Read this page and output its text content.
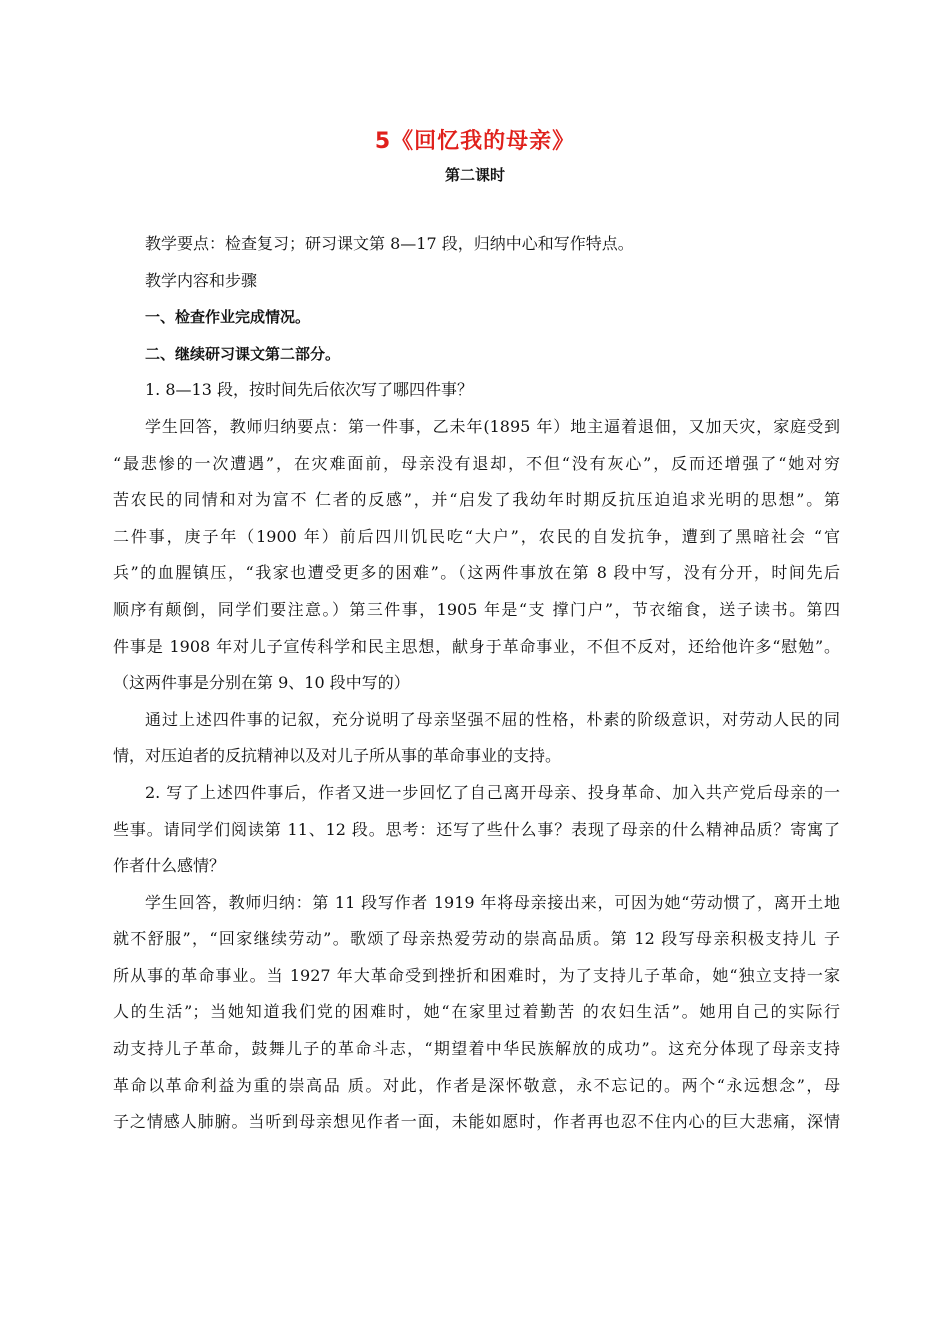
5《回忆我的母亲》
第二课时
教学要点：检查复习；研习课文第 8—17 段，归纳中心和写作特点。
教学内容和步骤
一、检查作业完成情况。
二、继续研习课文第二部分。
1. 8—13 段，按时间先后依次写了哪四件事？
学生回答，教师归纳要点：第一件事，乙未年(1895 年）地主逼着退佃，又加天灾，家庭受到
“最悲惨的一次遭遇”，在灾难面前，母亲没有退却，不但“没有灰心”，反而还增强了“她对穷
苦农民的同情和对为富不 仁者的反感”，并“启发了我幼年时期反抗压迫追求光明的思想”。第
二件事，庚子年（1900 年）前后四川饥民吃“大户”，农民的自发抗争，遭到了黑暗社会 “官
兵”的血腥镇压，“我家也遭受更多的困难”。（这两件事放在第 8 段中写，没有分开，时间先后
顺序有颠倒，同学们要注意。）第三件事，1905 年是“支 撑门户”，节衣缩食，送子读书。第四
件事是 1908 年对儿子宣传科学和民主思想，献身于革命事业，不但不反对，还给他许多“慰勉”。
（这两件事是分别在第 9、10 段中写的）
通过上述四件事的记叙，充分说明了母亲坚强不屈的性格，朴素的阶级意识，对劳动人民的同
情，对压迫者的反抗精神以及对儿子所从事的革命事业的支持。
2. 写了上述四件事后，作者又进一步回忆了自己离开母亲、投身革命、加入共产党后母亲的一
些事。请同学们阅读第 11、12 段。思考：还写了些什么事？表现了母亲的什么精神品质？寄寓了
作者什么感情？
学生回答，教师归纳：第 11 段写作者 1919 年将母亲接出来，可因为她“劳动惯了，离开土地
就不舒服”，“回家继续劳动”。歌颂了母亲热爱劳动的崇高品质。第 12 段写母亲积极支持儿 子
所从事的革命事业。当 1927 年大革命受到挫折和困难时，为了支持儿子革命，她“独立支持一家
人的生活”；当她知道我们党的困难时，她“在家里过着勤苦 的农妇生活”。她用自己的实际行
动支持儿子革命，鼓舞儿子的革命斗志，“期望着中华民族解放的成功”。这充分体现了母亲支持
革命以革命利益为重的崇高品 质。对此，作者是深怀敬意，永不忘记的。两个“永远想念”，母
子之情感人肺腑。当听到母亲想见作者一面，未能如愿时，作者再也忍不住内心的巨大悲痛，深情
